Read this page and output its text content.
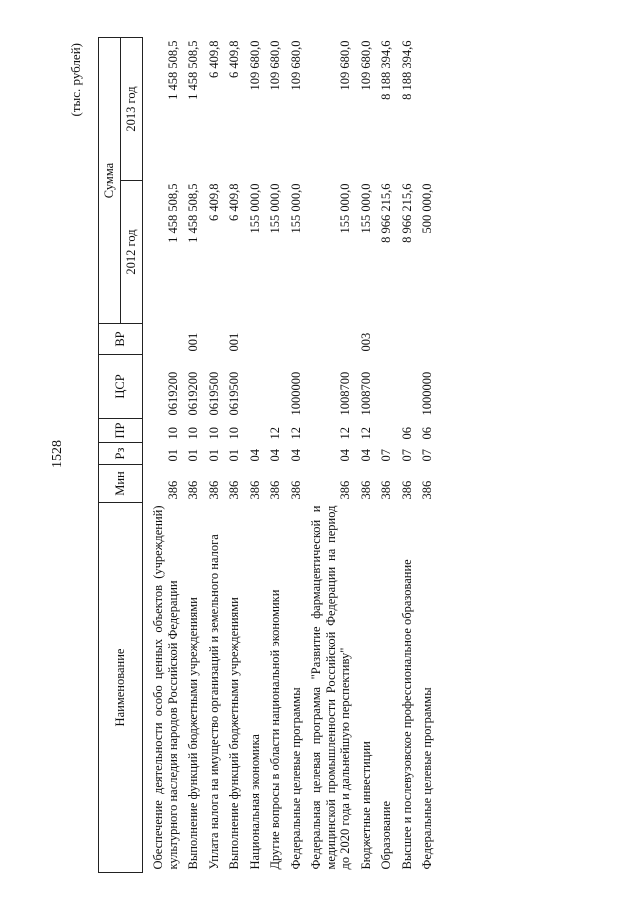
1528
(тыс. рублей)
Наименование	Мин	Рз	ПР	ЦСР	ВР	Сумма	
						2012 год	2013 год
Обеспечение деятельности особо ценных объектов (учреждений) культурного наследия народов Российской Федерации	386	01	10	0619200		1 458 508,5	1 458 508,5
Выполнение функций бюджетными учреждениями	386	01	10	0619200	001	1 458 508,5	1 458 508,5
Уплата налога на имущество организаций и земельного налога	386	01	10	0619500		6 409,8	6 409,8
Выполнение функций бюджетными учреждениями	386	01	10	0619500	001	6 409,8	6 409,8
Национальная экономика	386	04				155 000,0	109 680,0
Другие вопросы в области национальной экономики	386	04	12			155 000,0	109 680,0
Федеральные целевые программы	386	04	12	1000000		155 000,0	109 680,0
Федеральная целевая программа "Развитие фармацевтической и медицинской промышленности Российской Федерации на период до 2020 года и дальнейшую перспективу"	386	04	12	1008700		155 000,0	109 680,0
Бюджетные инвестиции	386	04	12	1008700	003	155 000,0	109 680,0
Образование	386	07				8 966 215,6	8 188 394,6
Высшее и послевузовское профессиональное образование	386	07	06			8 966 215,6	8 188 394,6
Федеральные целевые программы	386	07	06	1000000		500 000,0	
